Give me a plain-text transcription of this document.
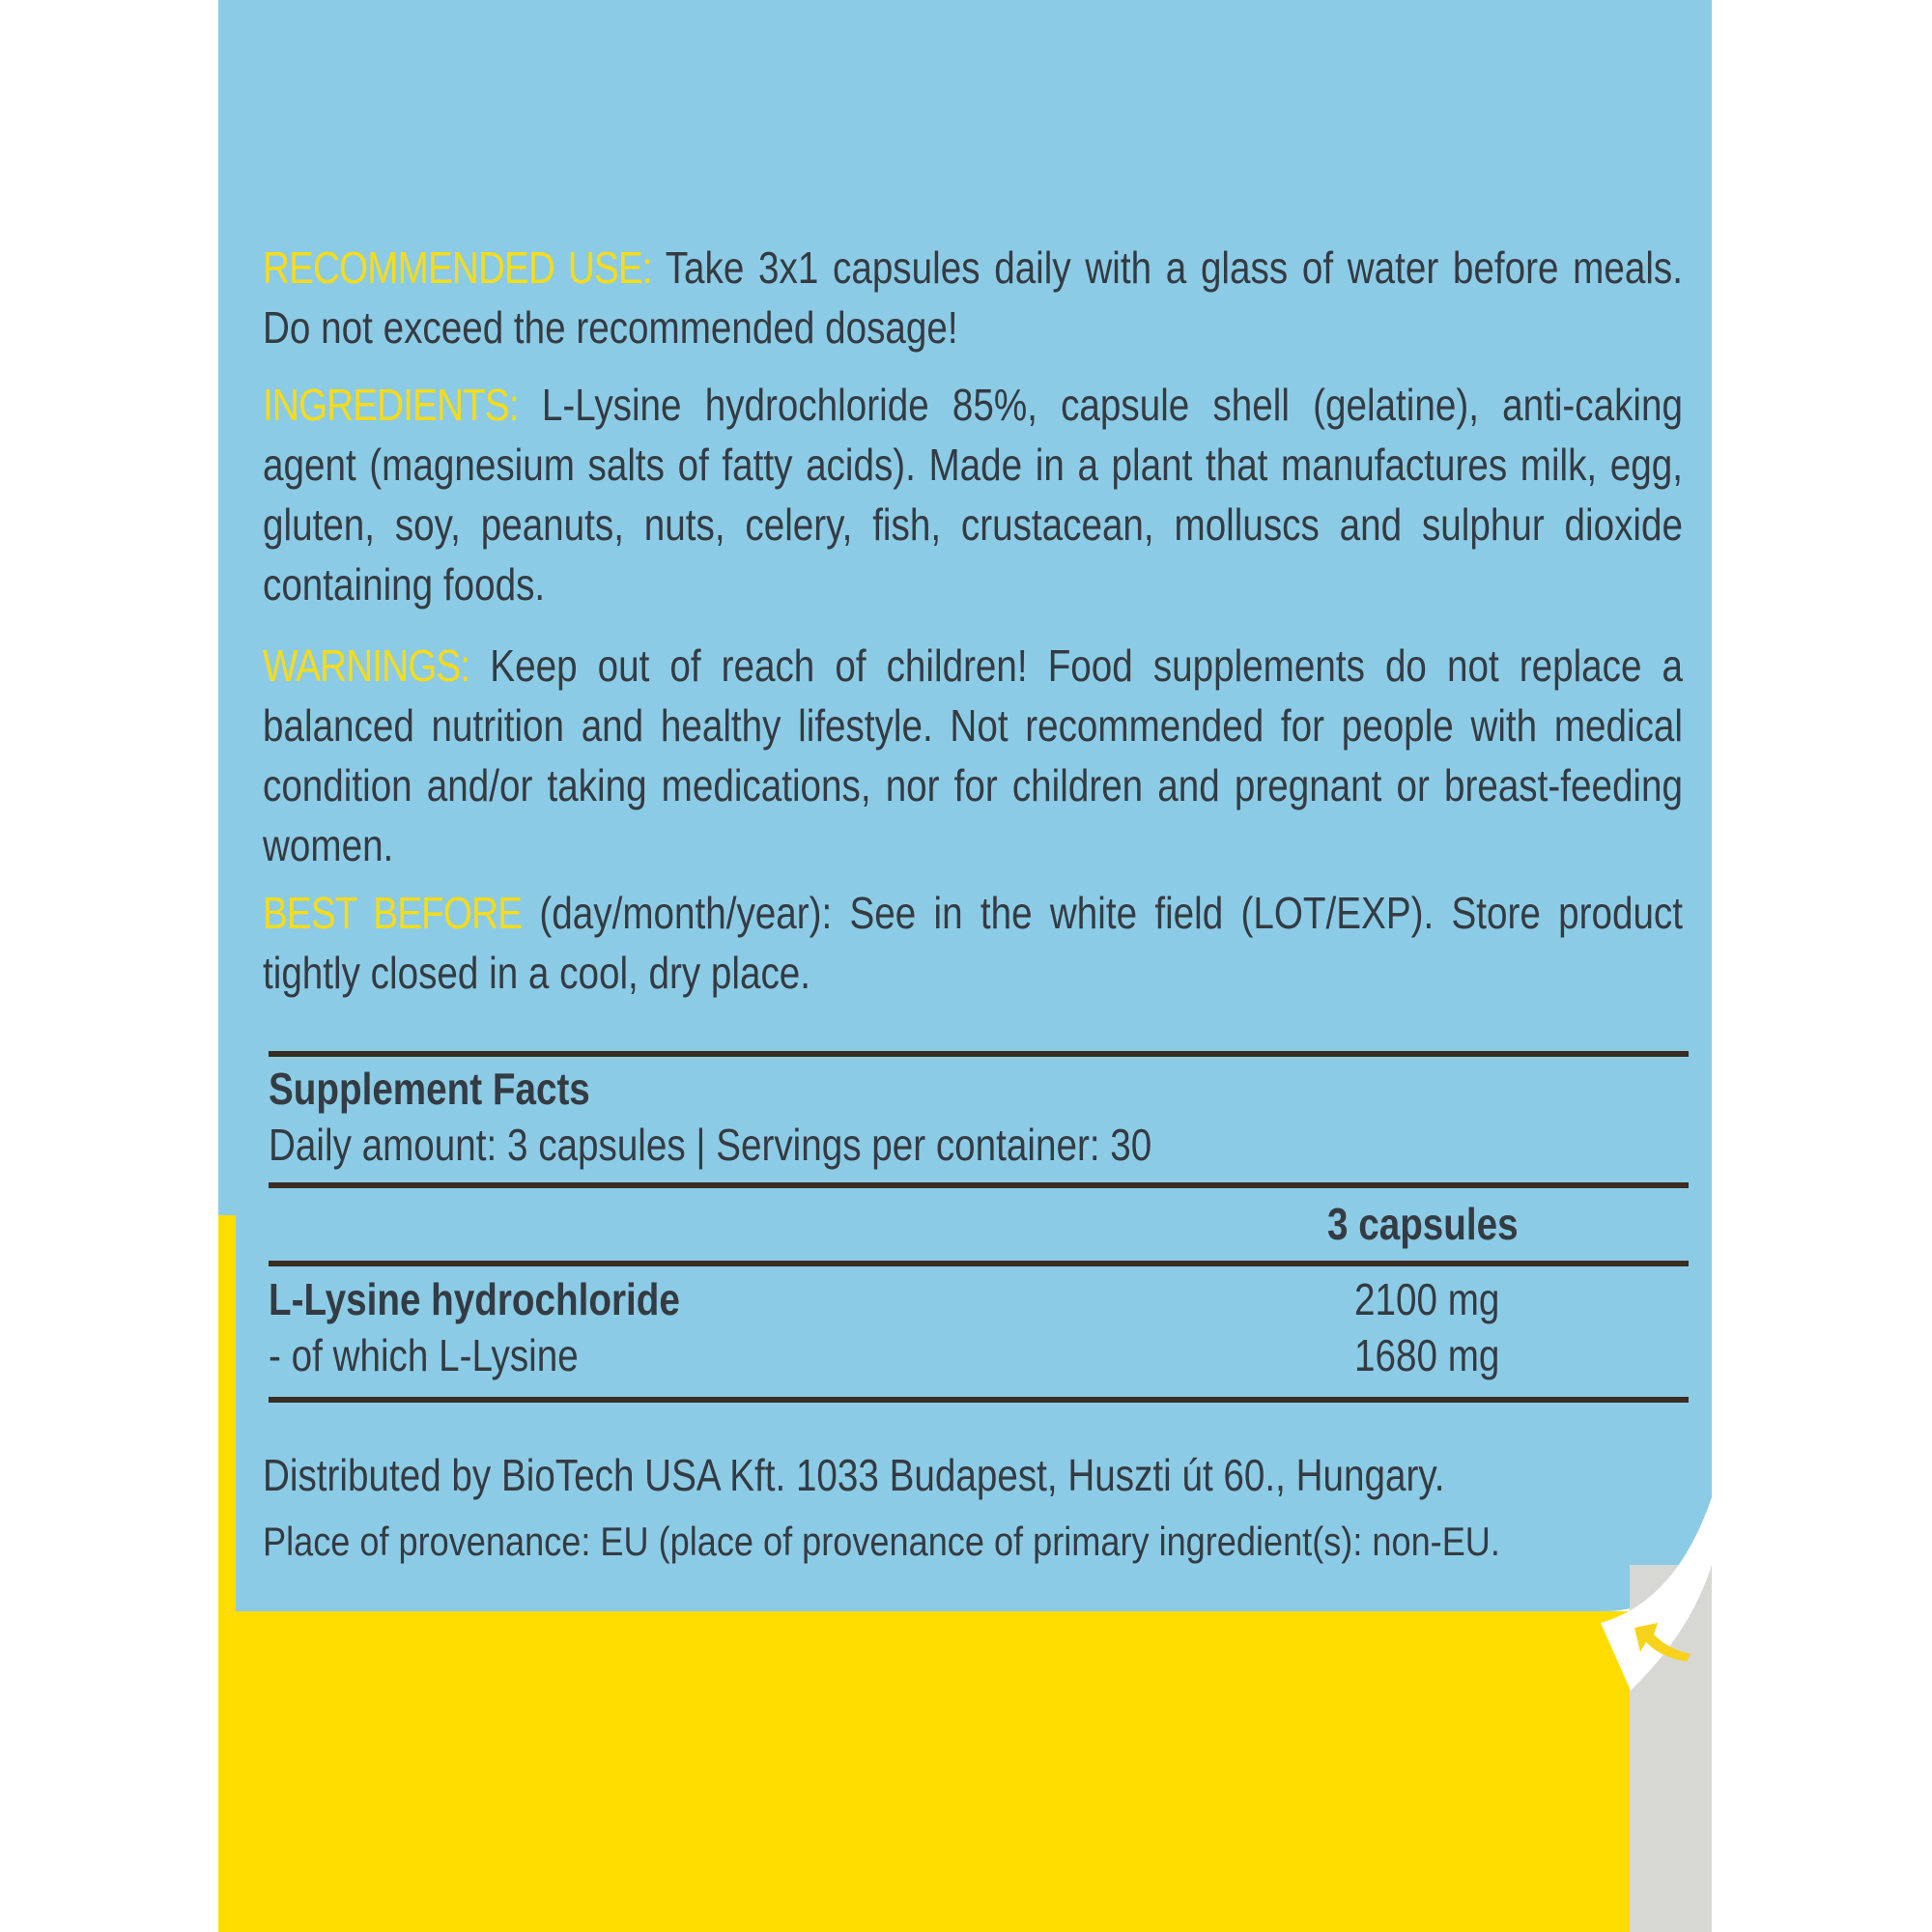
RECOMMENDED USE: Take 3x1 capsules daily with a glass of water before meals. Do not exceed the recommended dosage!
INGREDIENTS: L-Lysine hydrochloride 85%, capsule shell (gelatine), anti-caking agent (magnesium salts of fatty acids). Made in a plant that manufactures milk, egg, gluten, soy, peanuts, nuts, celery, fish, crustacean, molluscs and sulphur dioxide containing foods.
WARNINGS: Keep out of reach of children! Food supplements do not replace a balanced nutrition and healthy lifestyle. Not recommended for people with medical condition and/or taking medications, nor for children and pregnant or breast-feeding women.
BEST BEFORE (day/month/year): See in the white field (LOT/EXP). Store product tightly closed in a cool, dry place.
Supplement Facts
Daily amount: 3 capsules | Servings per container: 30
3 capsules
L-Lysine hydrochloride	2100 mg
- of which L-Lysine	1680 mg
Distributed by BioTech USA Kft. 1033 Budapest, Huszti út 60., Hungary.
Place of provenance: EU (place of provenance of primary ingredient(s): non-EU.
